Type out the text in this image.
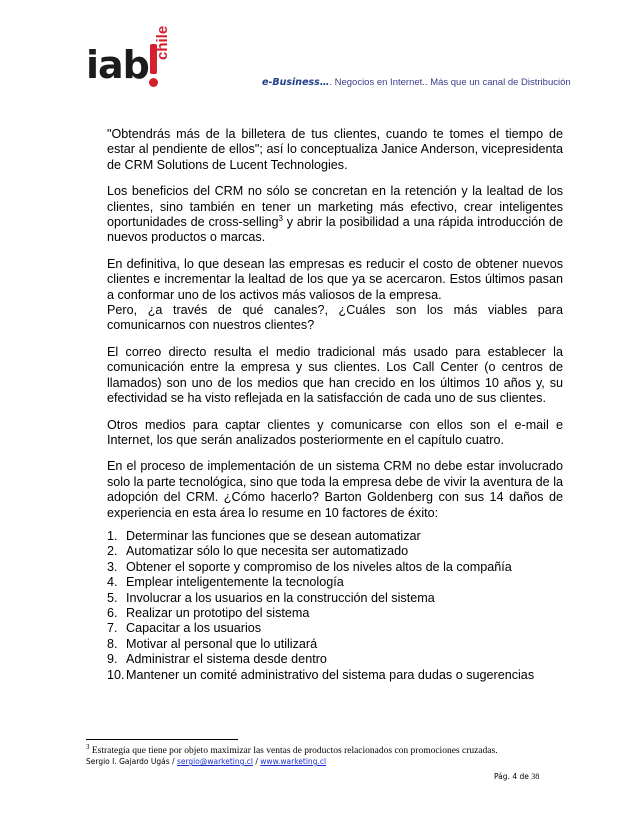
iab
chile
e-Business…. Negocios en Internet.. Más que un canal de Distribución

"Obtendrás más de la billetera de tus clientes, cuando te tomes el tiempo de estar al pendiente de ellos"; así lo conceptualiza Janice Anderson, vicepresidenta de CRM Solutions de Lucent Technologies.

Los beneficios del CRM no sólo se concretan en la retención y la lealtad de los clientes, sino también en tener un marketing más efectivo, crear inteligentes oportunidades de cross-selling$^3$ y abrir la posibilidad a una rápida introducción de nuevos productos o marcas.

En definitiva, lo que desean las empresas es reducir el costo de obtener nuevos clientes e incrementar la lealtad de los que ya se acercaron. Estos últimos pasan a conformar uno de los activos más valiosos de la empresa.

Pero, ¿a través de qué canales?, ¿Cuáles son los más viables para comunicarnos con nuestros clientes?

El correo directo resulta el medio tradicional más usado para establecer la comunicación entre la empresa y sus clientes. Los Call Center (o centros de llamados) son uno de los medios que han crecido en los últimos 10 años y, su efectividad se ha visto reflejada en la satisfacción de cada uno de sus clientes.

Otros medios para captar clientes y comunicarse con ellos son el e-mail e Internet, los que serán analizados posteriormente en el capítulo cuatro.

En el proceso de implementación de un sistema CRM no debe estar involucrado solo la parte tecnológica, sino que toda la empresa debe de vivir la aventura de la adopción del CRM. ¿Cómo hacerlo? Barton Goldenberg con sus 14 daños de experiencia en esta área lo resume en 10 factores de éxito:

1. Determinar las funciones que se desean automatizar
2. Automatizar sólo lo que necesita ser automatizado
3. Obtener el soporte y compromiso de los niveles altos de la compañía
4. Emplear inteligentemente la tecnología
5. Involucrar a los usuarios en la construcción del sistema
6. Realizar un prototipo del sistema
7. Capacitar a los usuarios
8. Motivar al personal que lo utilizará
9. Administrar el sistema desde dentro
10. Mantener un comité administrativo del sistema para dudas o sugerencias
$^3$ Estrategia que tiene por objeto maximizar las ventas de productos relacionados con promociones cruzadas.
Sergio I. Gajardo Ugás / sergio@warketing.cl / www.warketing.cl
Pág. 4 de 38
